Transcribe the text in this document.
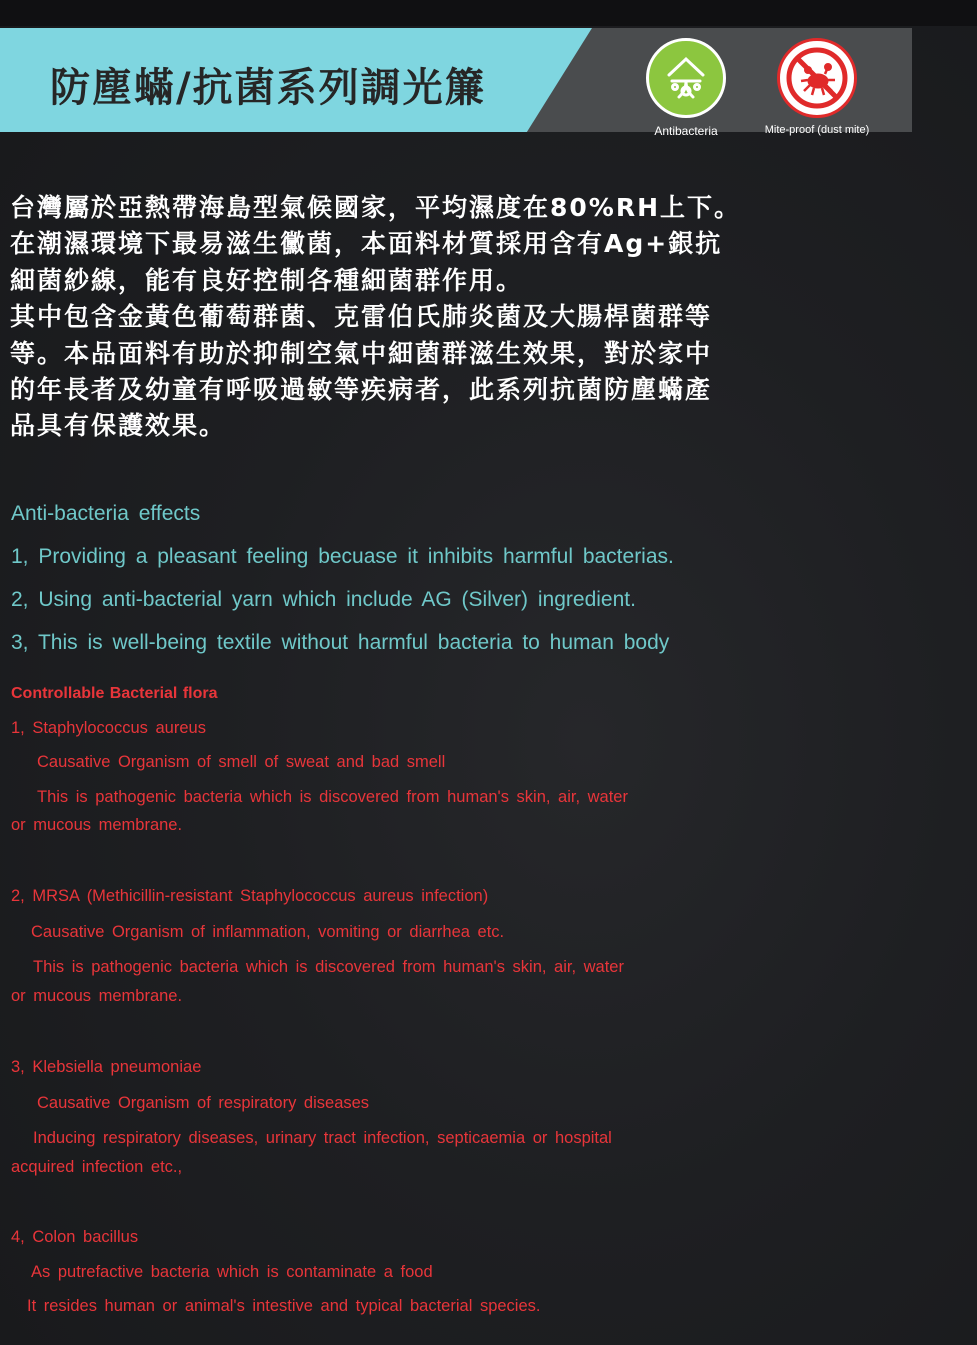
防塵蟎/抗菌系列調光簾
Antibacteria	Mite-proof (dust mite)
台灣屬於亞熱帶海島型氣候國家，平均濕度在80%RH上下。
在潮濕環境下最易滋生黴菌，本面料材質採用含有Ag+銀抗
細菌紗線，能有良好控制各種細菌群作用。
其中包含金黃色葡萄群菌、克雷伯氏肺炎菌及大腸桿菌群等
等。本品面料有助於抑制空氣中細菌群滋生效果，對於家中
的年長者及幼童有呼吸過敏等疾病者，此系列抗菌防塵蟎產
品具有保護效果。
Anti-bacteria effects
1, Providing a pleasant feeling becuase it inhibits harmful bacterias.
2, Using anti-bacterial yarn which include AG (Silver) ingredient.
3, This is well-being textile without harmful bacteria to human body
Controllable Bacterial flora
1, Staphylococcus aureus
Causative Organism of smell of sweat and bad smell
This is pathogenic bacteria which is discovered from human's skin, air, water
or mucous membrane.
2, MRSA (Methicillin-resistant Staphylococcus aureus infection)
Causative Organism of inflammation, vomiting or diarrhea etc.
This is pathogenic bacteria which is discovered from human's skin, air, water
or mucous membrane.
3, Klebsiella pneumoniae
Causative Organism of respiratory diseases
Inducing respiratory diseases, urinary tract infection, septicaemia or hospital
acquired infection etc.,
4, Colon bacillus
As putrefactive bacteria which is contaminate a food
It resides human or animal's intestive and typical bacterial species.
